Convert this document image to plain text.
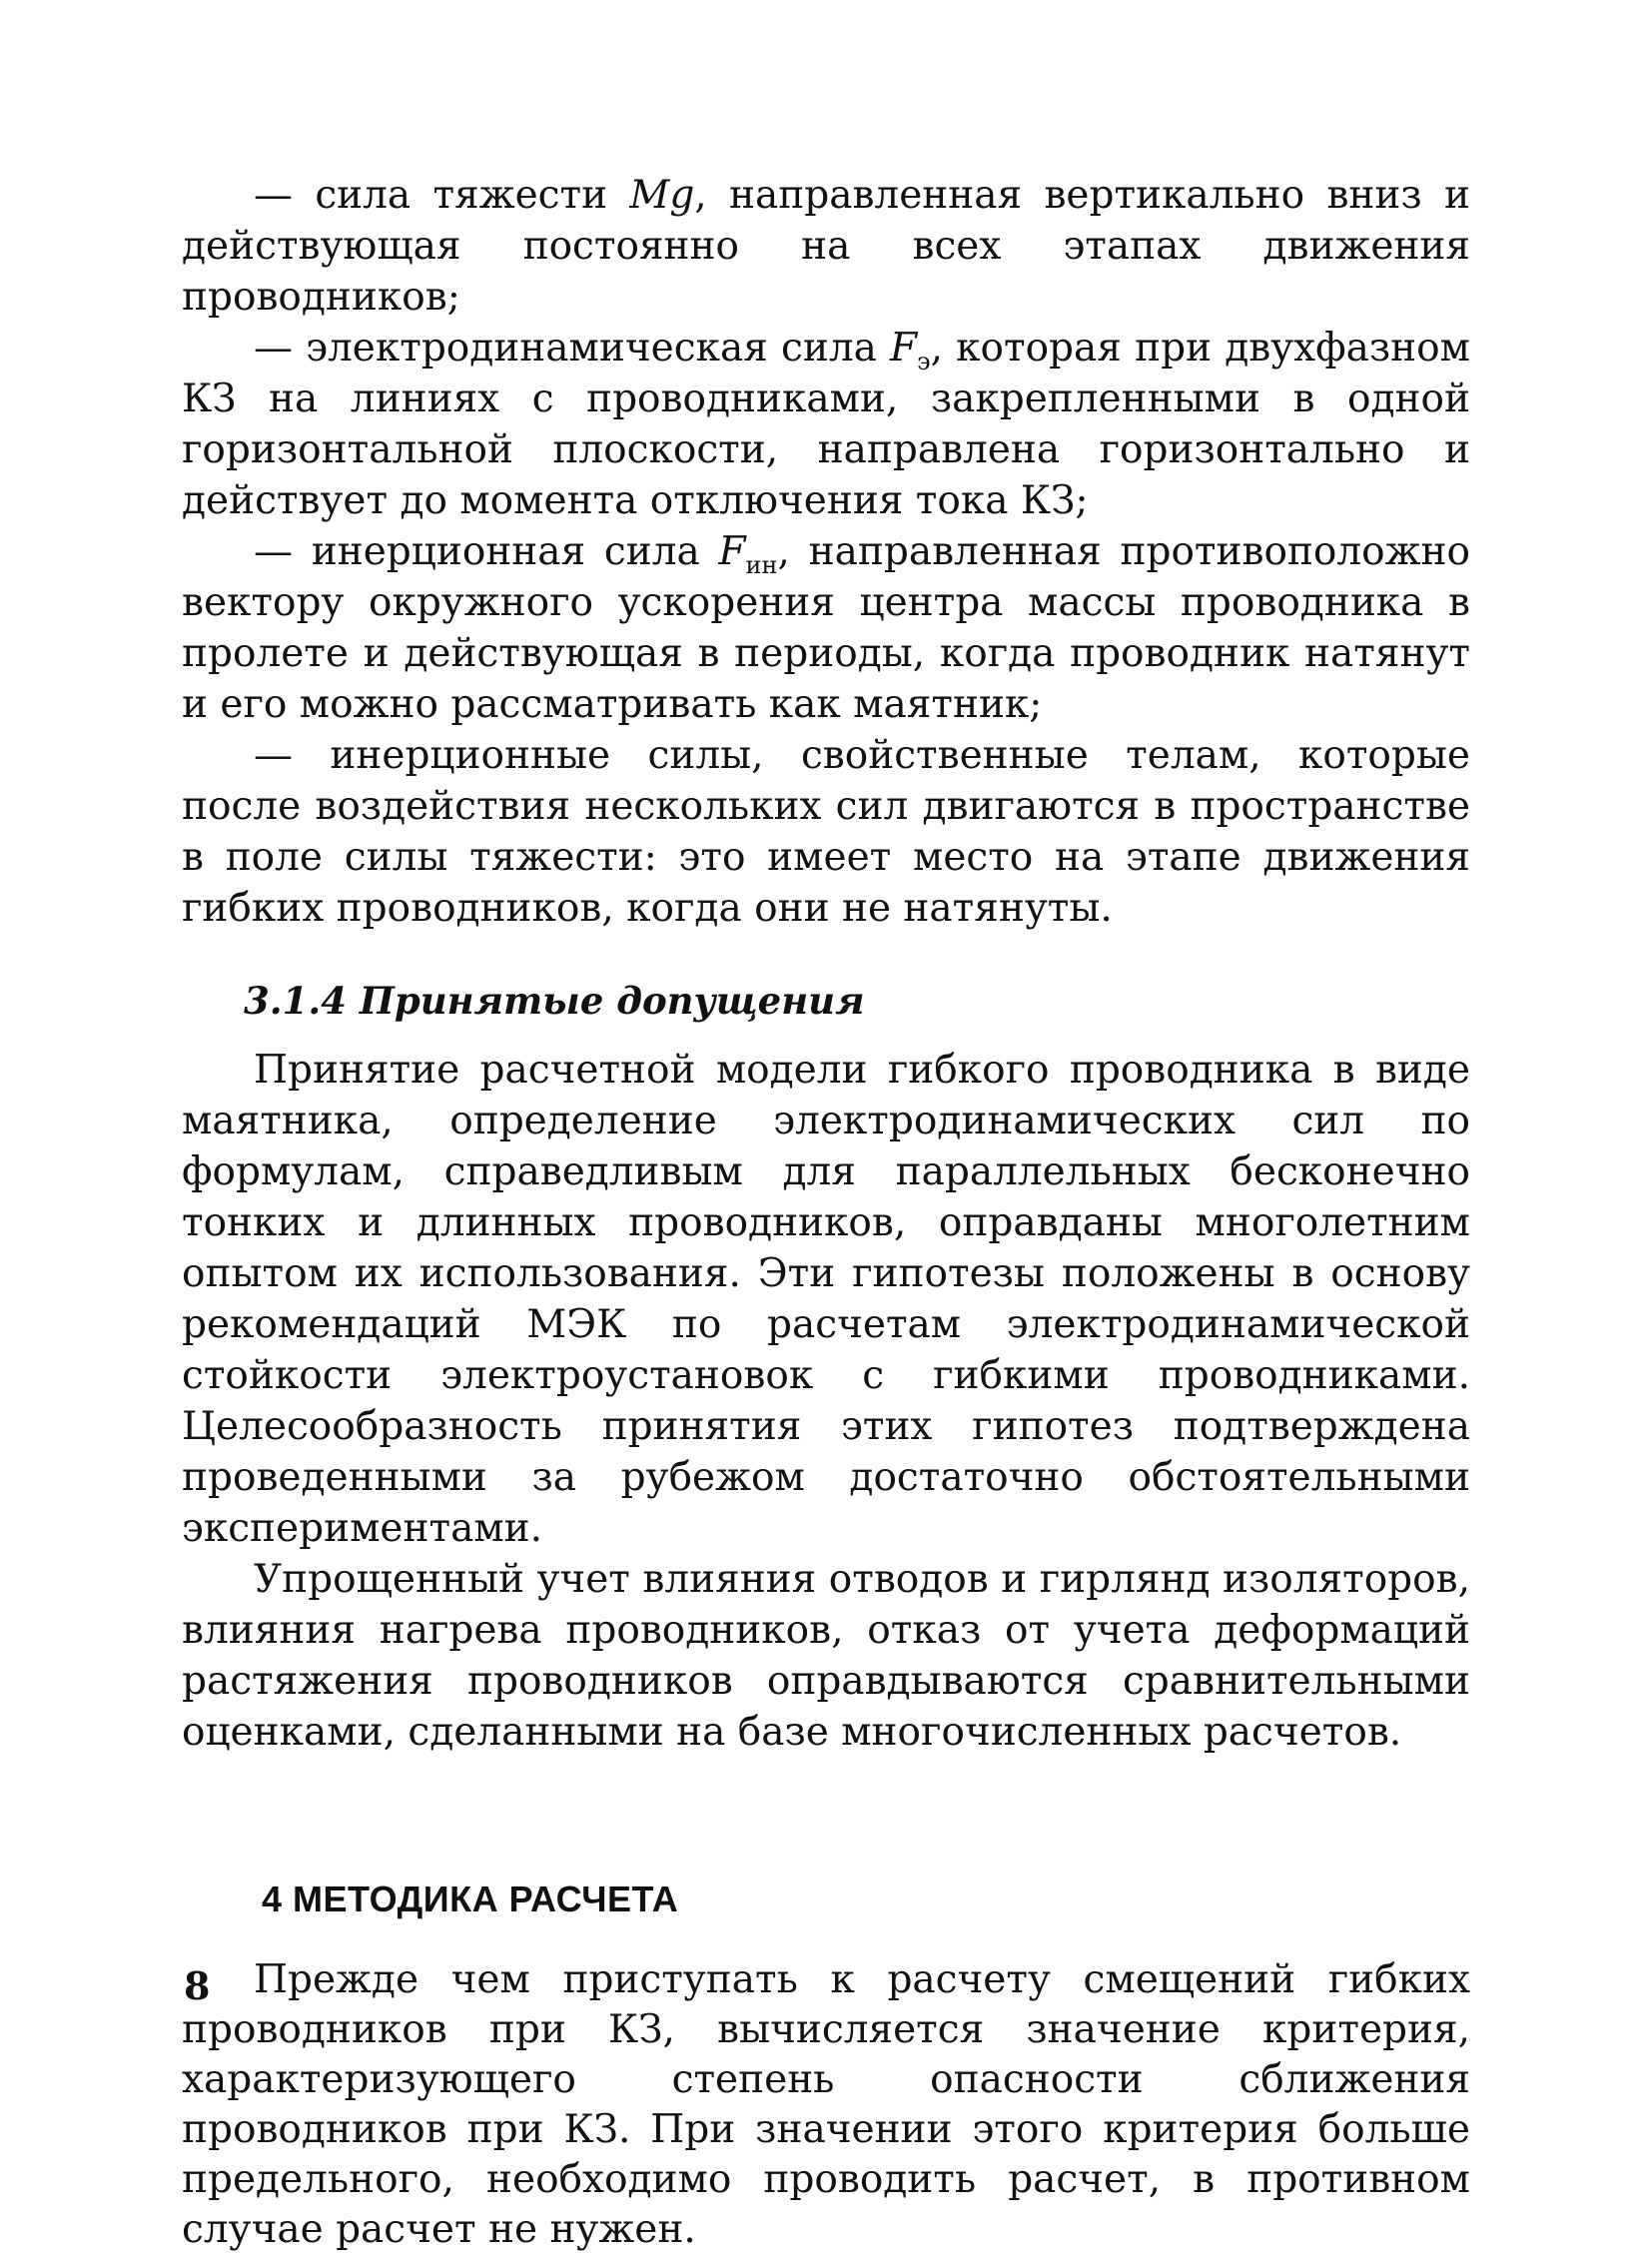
— сила тяжести Mg, направленная вертикально вниз и действующая постоянно на всех этапах движения проводников;

— электродинамическая сила $F_э$, которая при двухфазном КЗ на линиях с проводниками, закрепленными в одной горизонтальной плоскости, направлена горизонтально и действует до момента отключения тока КЗ;

— инерционная сила $F_{ин}$, направленная противоположно вектору окружного ускорения центра массы проводника в пролете и действующая в периоды, когда проводник натянут и его можно рассматривать как маятник;

— инерционные силы, свойственные телам, которые после воздействия нескольких сил двигаются в пространстве в поле силы тяжести: это имеет место на этапе движения гибких проводников, когда они не натянуты.

3.1.4 Принятые допущения

Принятие расчетной модели гибкого проводника в виде маятника, определение электродинамических сил по формулам, справедливым для параллельных бесконечно тонких и длинных проводников, оправданы многолетним опытом их использования. Эти гипотезы положены в основу рекомендаций МЭК по расчетам электродинамической стойкости электроустановок с гибкими проводниками. Целесообразность принятия этих гипотез подтверждена проведенными за рубежом достаточно обстоятельными экспериментами.

Упрощенный учет влияния отводов и гирлянд изоляторов, влияния нагрева проводников, отказ от учета деформаций растяжения проводников оправдываются сравнительными оценками, сделанными на базе многочисленных расчетов.

4 МЕТОДИКА РАСЧЕТА

Прежде чем приступать к расчету смещений гибких проводников при КЗ, вычисляется значение критерия, характеризующего степень опасности сближения проводников при КЗ. При значении этого критерия больше предельного, необходимо проводить расчет, в противном случае расчет не нужен.

8
